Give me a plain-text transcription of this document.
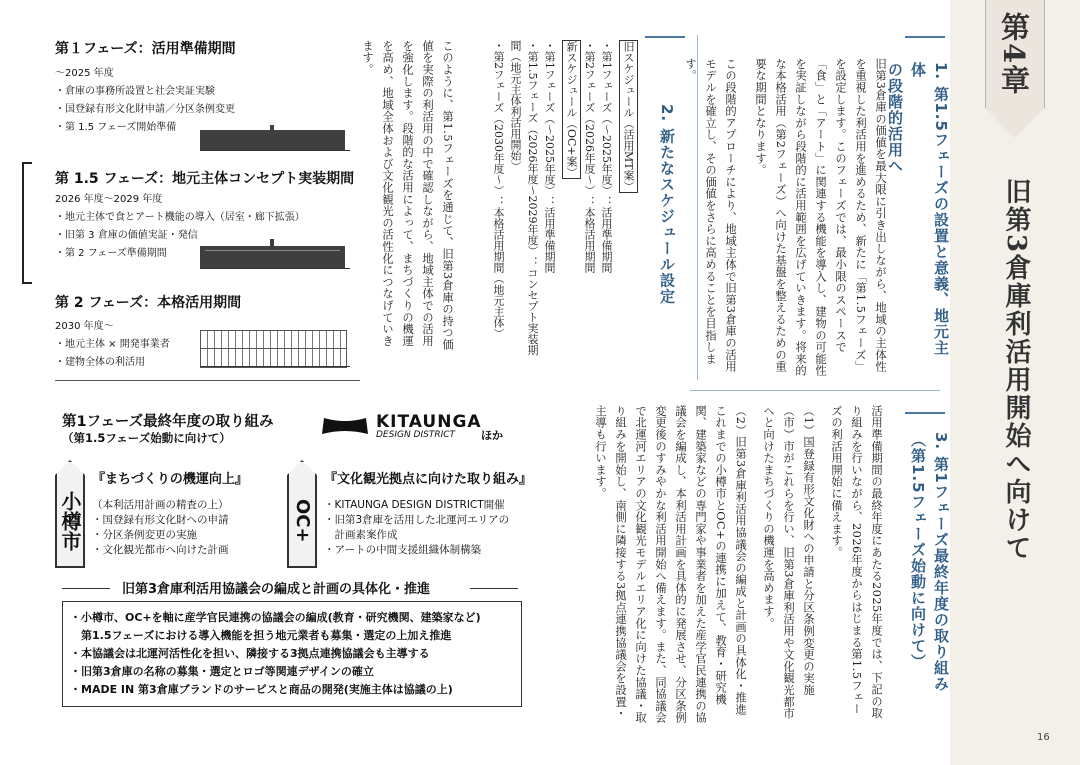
第4章
旧第3倉庫利活用開始へ向けて
1. 第1.5フェーズの設置と意義、地元主体
の段階的活用へ

旧第3倉庫の価値を最大限に引き出しながら、地域の主体性を重視した利活用を進めるため、新たに「第1.5フェーズ」を設定します。このフェーズでは、最小限のスペースで「食」と「アート」に関連する機能を導入し、建物の可能性を実証しながら段階的に活用範囲を広げていきます。将来的な本格活用（第2フェーズ）へ向けた基盤を整えるための重要な期間となります。

この段階的アプローチにより、地域主体で旧第3倉庫の活用モデルを確立し、その価値をさらに高めることを目指します。

3. 第1フェーズ最終年度の取り組み
（第1.5フェーズ始動に向けて）

活用準備期間の最終年度にあたる2025年度では、下記の取り組みを行いながら、2026年度からはじまる第1.5フェーズの利活用開始に備えます。

（1）国登録有形文化財への申請と分区条例変更の実施（市）市がこれらを行い、旧第3倉庫利活用や文化観光都市へと向けたまちづくりの機運を高めます。

（2）旧第3倉庫利活用協議会の編成と計画の具体化・推進これまでの小樽市とOC+の連携に加えて、教育・研究機関、建築家などの専門家や事業者を加えた産学官民連携の協議会を編成し、本利活用計画を具体的に発展させ、分区条例変更後のすみやかな利活用開始へ備えます。また、同協議会で北運河エリアの文化観光モデルエリア化に向けた協議・取り組みを開始し、南側に隣接する3拠点連携協議会を設置・主導も行います。

2. 新たなスケジュール設定
旧スケジュール（活用MT案）
・第1フェーズ（〜2025年度）：活用準備期間
・第2フェーズ（2026年度〜）：本格活用期間
新スケジュール（OC+案）
・第1フェーズ（〜2025年度）：活用準備期間
・第1.5フェーズ（2026年度〜2029年度）：コンセプト実装期間（地元主体利活用開始）
・第2フェーズ（2030年度〜）：本格活用期間（地元主体）
このように、第1.5フェーズを通じて、旧第3倉庫の持つ価値を実際の利活用の中で確認しながら、地域主体での活用を強化します。段階的な活用によって、まちづくりの機運を高め、地域全体および文化観光の活性化につなげていきます。
第１フェーズ：活用準備期間
〜2025 年度
・倉庫の事務所設置と社会実証実験
・国登録有形文化財申請／分区条例変更
・第 1.5 フェーズ開始準備
第 1.5 フェーズ：地元主体コンセプト実装期間
2026 年度〜2029 年度
・地元主体で食とアート機能の導入（居室・廊下拡張）
・旧第 3 倉庫の価値実証・発信
・第 2 フェーズ準備期間
第 2 フェーズ：本格活用期間
2030 年度〜
・地元主体 × 開発事業者
・建物全体の利活用
第1フェーズ最終年度の取り組み
（第1.5フェーズ始動に向けて）
KITAUNGA
DESIGN DISTRICT ほか
小樽市
『まちづくりの機運向上』
（本利活用計画の精査の上）
・国登録有形文化財への申請
・分区条例変更の実施
・文化観光都市へ向けた計画
OC+
『文化観光拠点に向けた取り組み』
・KITAUNGA DESIGN DISTRICT開催
・旧第3倉庫を活用した北運河エリアの
　計画素案作成
・アートの中間支援組織体制構築
旧第3倉庫利活用協議会の編成と計画の具体化・推進
・小樽市、OC+を軸に産学官民連携の協議会の編成(教育・研究機関、建築家など)
　第1.5フェーズにおける導入機能を担う地元業者も募集・選定の上加え推進
・本協議会は北運河活性化を担い、隣接する3拠点連携協議会も主導する
・旧第3倉庫の名称の募集・選定とロゴ等関連デザインの確立
・MADE IN 第3倉庫ブランドのサービスと商品の開発(実施主体は協議の上)
16
